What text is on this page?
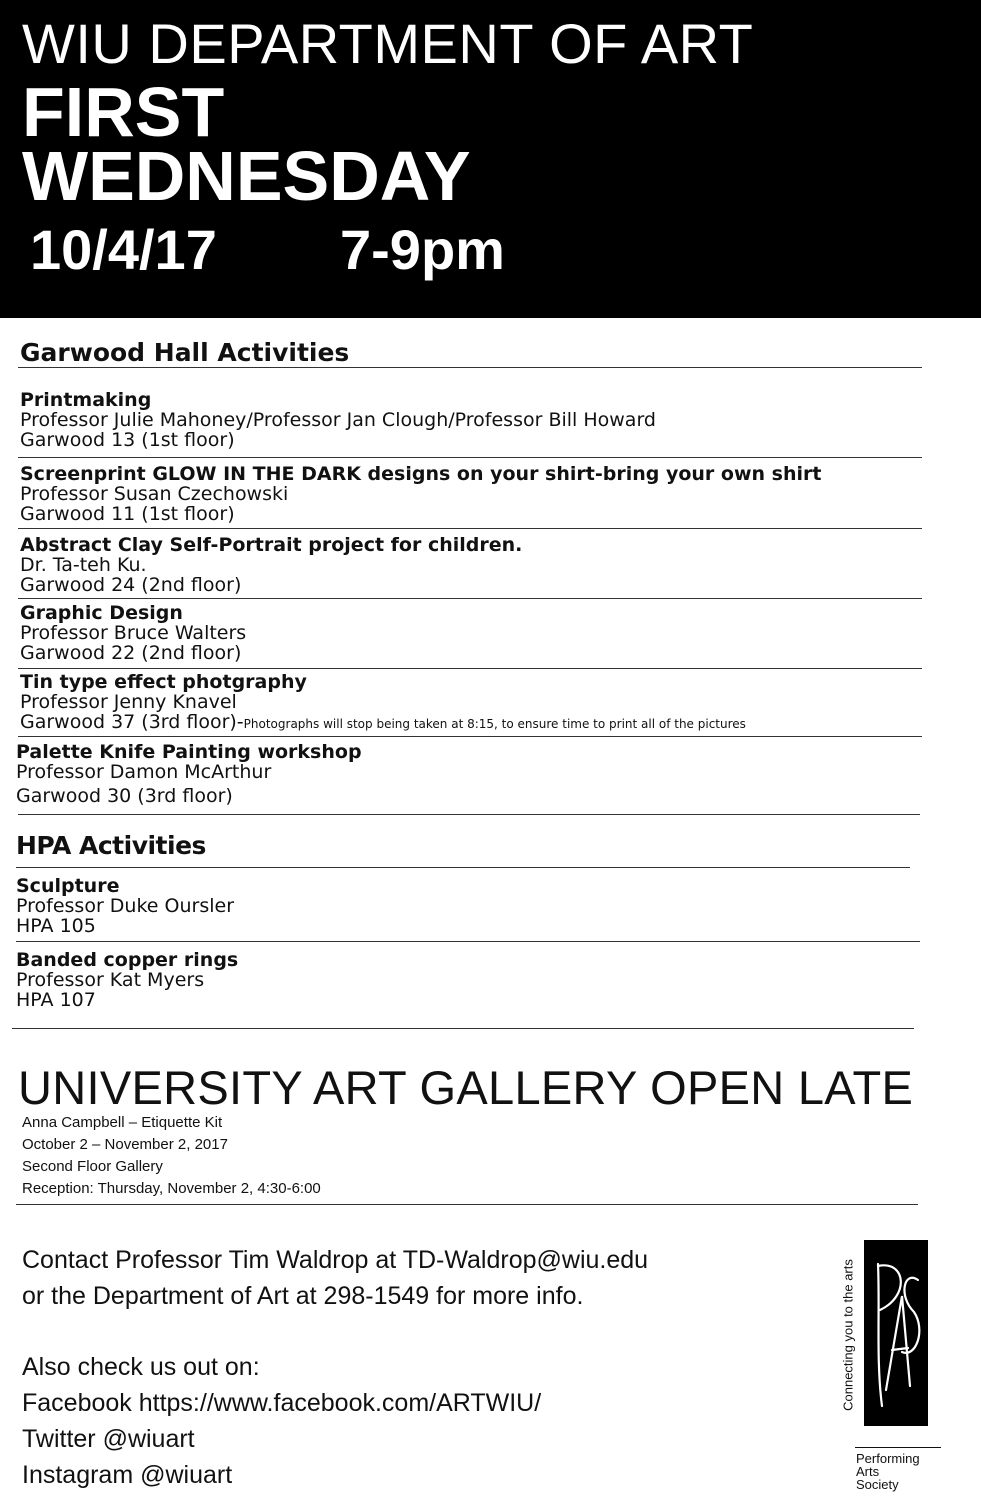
WIU DEPARTMENT OF ART
FIRST
WEDNESDAY
10/4/17 7-9pm
Garwood Hall Activities
Printmaking
Professor Julie Mahoney/Professor Jan Clough/Professor Bill Howard
Garwood 13 (1st floor)
Screenprint GLOW IN THE DARK designs on your shirt-bring your own shirt
Professor Susan Czechowski
Garwood 11 (1st floor)
Abstract Clay Self-Portrait project for children.
Dr. Ta-teh Ku.
Garwood 24 (2nd floor)
Graphic Design
Professor Bruce Walters
Garwood 22 (2nd floor)
Tin type effect photgraphy
Professor Jenny Knavel
Garwood 37 (3rd floor)-Photographs will stop being taken at 8:15, to ensure time to print all of the pictures
Palette Knife Painting workshop
Professor Damon McArthur
Garwood 30 (3rd floor)
HPA Activities
Sculpture
Professor Duke Oursler
HPA 105
Banded copper rings
Professor Kat Myers
HPA 107
UNIVERSITY ART GALLERY OPEN LATE
Anna Campbell – Etiquette Kit
October 2 – November 2, 2017
Second Floor Gallery
Reception: Thursday, November 2, 4:30-6:00
Contact Professor Tim Waldrop at TD-Waldrop@wiu.edu
or the Department of Art at 298-1549 for more info.
Also check us out on:
Facebook https://www.facebook.com/ARTWIU/
Twitter @wiuart
Instagram @wiuart
Connecting you to the arts
Performing
Arts
Society
